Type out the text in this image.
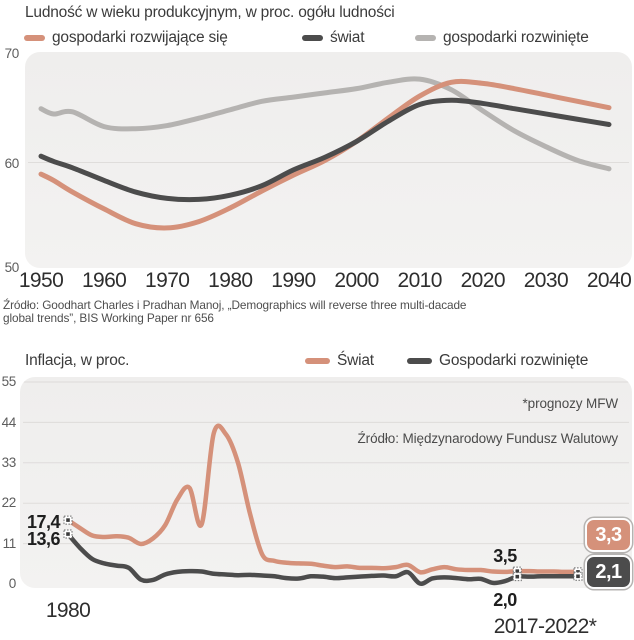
Ludność w wieku produkcyjnym, w proc. ogółu ludności
gospodarki rozwijające się	świat	gospodarki rozwinięte
70
60
50
1950 1960 1970 1980 1990 2000 2010 2020 2030 2040
Źródło: Goodhart Charles i Pradhan Manoj, „Demographics will reverse three multi-dacade
global trends”, BIS Working Paper nr 656
Inflacja, w proc.	Świat	Gospodarki rozwinięte
55
44
33
22
11
0
*prognozy MFW
Źródło: Międzynarodowy Fundusz Walutowy
17,4
13,6
3,5
2,0
3,3
2,1
1980
2017-2022*
